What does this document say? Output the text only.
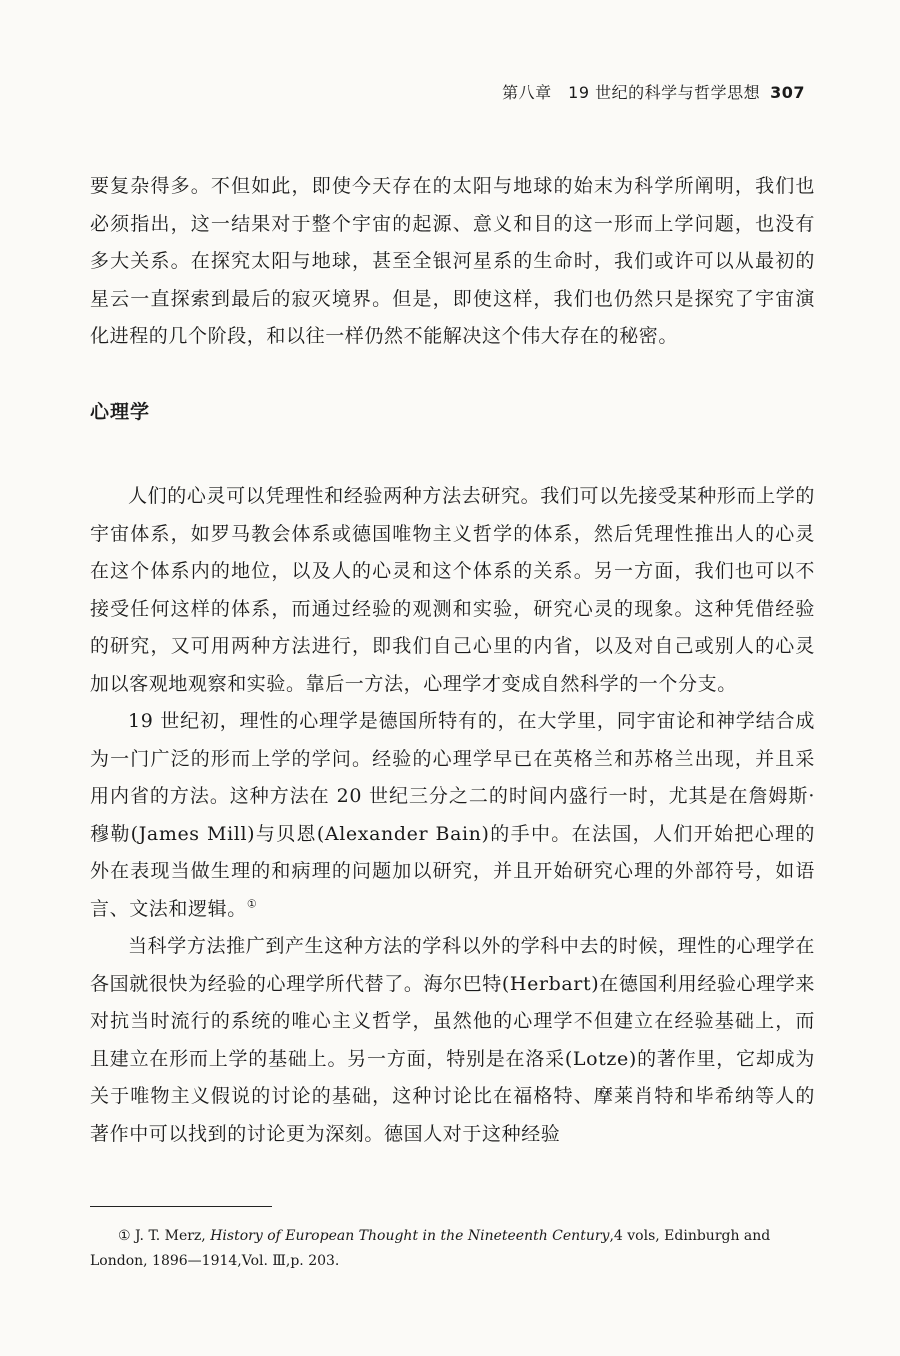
第八章　19 世纪的科学与哲学思想 307
要复杂得多。不但如此，即使今天存在的太阳与地球的始末为科学所阐明，我们也必须指出，这一结果对于整个宇宙的起源、意义和目的这一形而上学问题，也没有多大关系。在探究太阳与地球，甚至全银河星系的生命时，我们或许可以从最初的星云一直探索到最后的寂灭境界。但是，即使这样，我们也仍然只是探究了宇宙演化进程的几个阶段，和以往一样仍然不能解决这个伟大存在的秘密。
心理学

人们的心灵可以凭理性和经验两种方法去研究。我们可以先接受某种形而上学的宇宙体系，如罗马教会体系或德国唯物主义哲学的体系，然后凭理性推出人的心灵在这个体系内的地位，以及人的心灵和这个体系的关系。另一方面，我们也可以不接受任何这样的体系，而通过经验的观测和实验，研究心灵的现象。这种凭借经验的研究，又可用两种方法进行，即我们自己心里的内省，以及对自己或别人的心灵加以客观地观察和实验。靠后一方法，心理学才变成自然科学的一个分支。

19 世纪初，理性的心理学是德国所特有的，在大学里，同宇宙论和神学结合成为一门广泛的形而上学的学问。经验的心理学早已在英格兰和苏格兰出现，并且采用内省的方法。这种方法在 20 世纪三分之二的时间内盛行一时，尤其是在詹姆斯·穆勒(James Mill)与贝恩(Alexander Bain)的手中。在法国，人们开始把心理的外在表现当做生理的和病理的问题加以研究，并且开始研究心理的外部符号，如语言、文法和逻辑。①

当科学方法推广到产生这种方法的学科以外的学科中去的时候，理性的心理学在各国就很快为经验的心理学所代替了。海尔巴特(Herbart)在德国利用经验心理学来对抗当时流行的系统的唯心主义哲学，虽然他的心理学不但建立在经验基础上，而且建立在形而上学的基础上。另一方面，特别是在洛采(Lotze)的著作里，它却成为关于唯物主义假说的讨论的基础，这种讨论比在福格特、摩莱肖特和毕希纳等人的著作中可以找到的讨论更为深刻。德国人对于这种经验

① J. T. Merz, History of European Thought in the Nineteenth Century,4 vols, Edinburgh and London, 1896—1914,Vol. Ⅲ,p. 203.
